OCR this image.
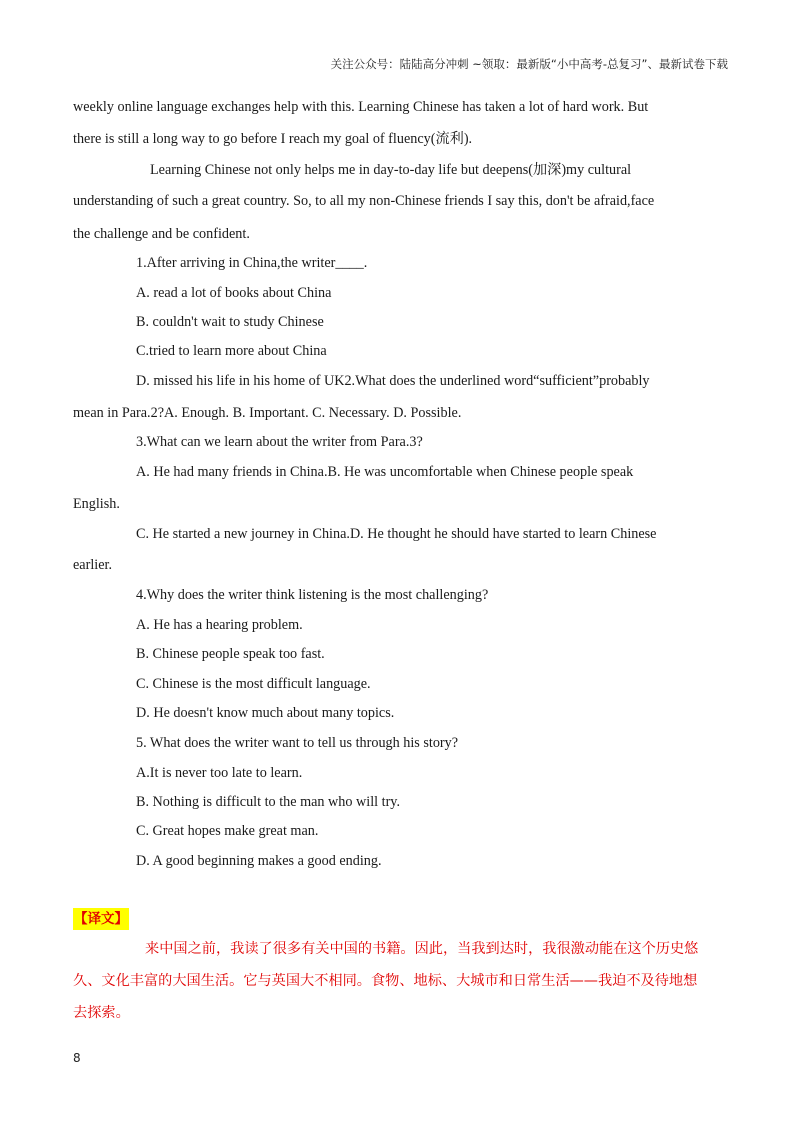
关注公众号：陆陆高分冲刺 ~领取：最新版“小中高考-总复习”、最新试卷下载
weekly online language exchanges help with this. Learning Chinese has taken a lot of hard work. But
there is still a long way to go before I reach my goal of fluency(流利).
Learning Chinese not only helps me in day-to-day life but deepens(加深)my cultural
understanding of such a great country. So, to all my non-Chinese friends I say this, don't be afraid,face
the challenge and be confident.
1.After arriving in China,the writer____.
A. read a lot of books about China
B. couldn't wait to study Chinese
C.tried to learn more about China
D. missed his life in his home of UK2.What does the underlined word“sufficient”probably
mean in Para.2?A. Enough. B. Important. C. Necessary. D. Possible.
3.What can we learn about the writer from Para.3?
A. He had many friends in China.B. He was uncomfortable when Chinese people speak
English.
C. He started a new journey in China.D. He thought he should have started to learn Chinese
earlier.
4.Why does the writer think listening is the most challenging?
A. He has a hearing problem.
B. Chinese people speak too fast.
C. Chinese is the most difficult language.
D. He doesn't know much about many topics.
5. What does the writer want to tell us through his story?
A.It is never too late to learn.
B. Nothing is difficult to the man who will try.
C. Great hopes make great man.
D. A good beginning makes a good ending.
【译文】
来中国之前，我读了很多有关中国的书籍。因此，当我到达时，我很激动能在这个历史悠
久、文化丰富的大国生活。它与英国大不相同。食物、地标、大城市和日常生活——我迫不及待地想
去探索。
8
